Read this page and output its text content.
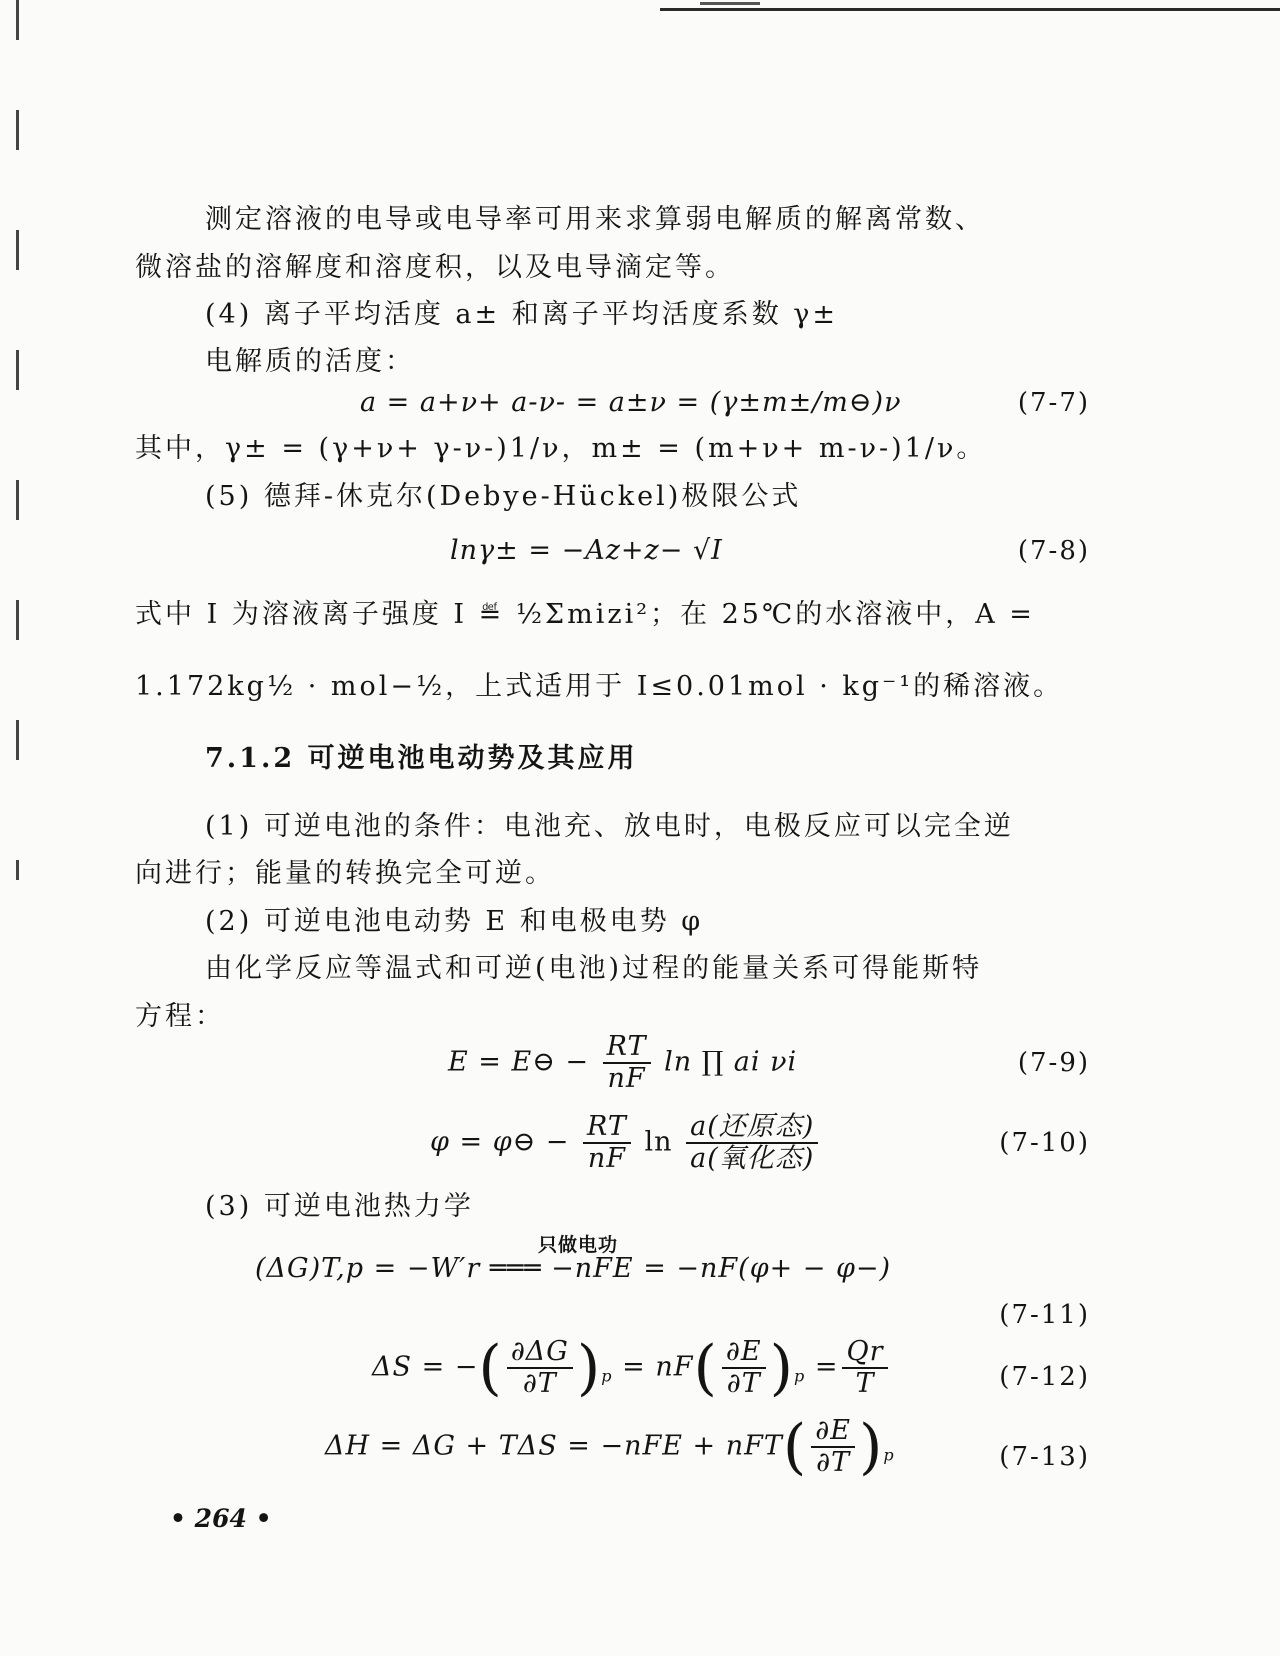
测定溶液的电导或电导率可用来求算弱电解质的解离常数、
微溶盐的溶解度和溶度积，以及电导滴定等。
(4) 离子平均活度 a± 和离子平均活度系数 γ±
电解质的活度：
a = a+ν+ a-ν- = a±ν = (γ±m±/m⊖)ν	(7-7)
其中，γ± = (γ+ν+ γ-ν-)1/ν，m± = (m+ν+ m-ν-)1/ν。
(5) 德拜-休克尔(Debye-Hückel)极限公式
lnγ± = −Az+z− √I	(7-8)
式中 I 为溶液离子强度 I ≝ ½Σmizi²；在 25℃的水溶液中，A =
1.172kg½ · mol−½，上式适用于 I≤0.01mol · kg⁻¹的稀溶液。
7.1.2 可逆电池电动势及其应用
(1) 可逆电池的条件：电池充、放电时，电极反应可以完全逆
向进行；能量的转换完全可逆。
(2) 可逆电池电动势 E 和电极电势 φ
由化学反应等温式和可逆(电池)过程的能量关系可得能斯特
方程：
E = E⊖ − $\frac{RT}{nF}$ ln ∏ ai νi	(7-9)
φ = φ⊖ − $\frac{RT}{nF}$ $\ln \frac{\text{a(还原态)}}{\text{a(氧化态)}}$	(7-10)
(3) 可逆电池热力学
只做电功
(ΔG)T,p = −W′r ═══ −nFE = −nF(φ+ − φ−)
(7-11)
ΔS = −( $\frac{\partial\Delta G}{\partial T} )_p = nF( \frac{\partial E}{\partial T} )_p = \frac{Qr}{T}$	(7-12)
$\Delta H = \Delta G + T\Delta S = -nFE + nFT( \frac{\partial E}{\partial T} )_p$	(7-13)
• 264 •
